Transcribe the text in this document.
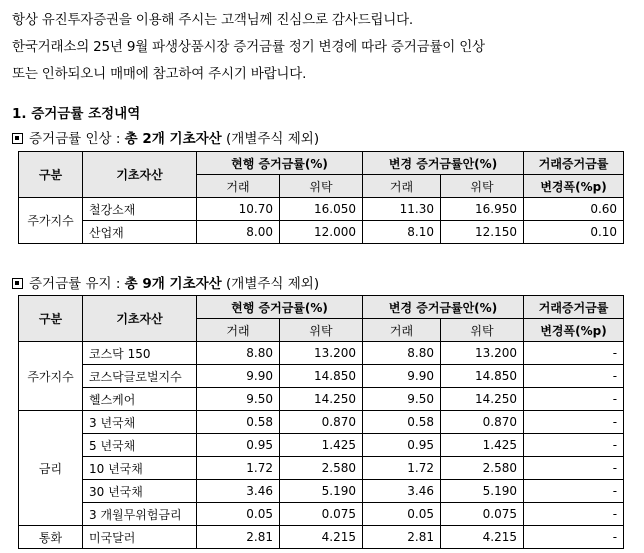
항상 유진투자증권을 이용해 주시는 고객님께 진심으로 감사드립니다.
한국거래소의 25년 9월 파생상품시장 증거금률 정기 변경에 따라 증거금률이 인상
또는 인하되오니 매매에 참고하여 주시기 바랍니다.
1. 증거금률 조정내역
증거금률 인상 : 총 2개 기초자산 (개별주식 제외)
구분	기초자산	현행 증거금률(%)		변경 증거금률안(%)		거래증거금률
		거래	위탁	거래	위탁	변경폭(%p)
주가지수	철강소재	10.70	16.050	11.30	16.950	0.60
	산업재	8.00	12.000	8.10	12.150	0.10
증거금률 유지 : 총 9개 기초자산 (개별주식 제외)
구분	기초자산	현행 증거금률(%)		변경 증거금률안(%)		거래증거금률
		거래	위탁	거래	위탁	변경폭(%p)
주가지수	코스닥 150	8.80	13.200	8.80	13.200	-
	코스닥글로벌지수	9.90	14.850	9.90	14.850	-
	헬스케어	9.50	14.250	9.50	14.250	-
금리	3 년국채	0.58	0.870	0.58	0.870	-
	5 년국채	0.95	1.425	0.95	1.425	-
	10 년국채	1.72	2.580	1.72	2.580	-
	30 년국채	3.46	5.190	3.46	5.190	-
	3 개월무위험금리	0.05	0.075	0.05	0.075	-
통화	미국달러	2.81	4.215	2.81	4.215	-
